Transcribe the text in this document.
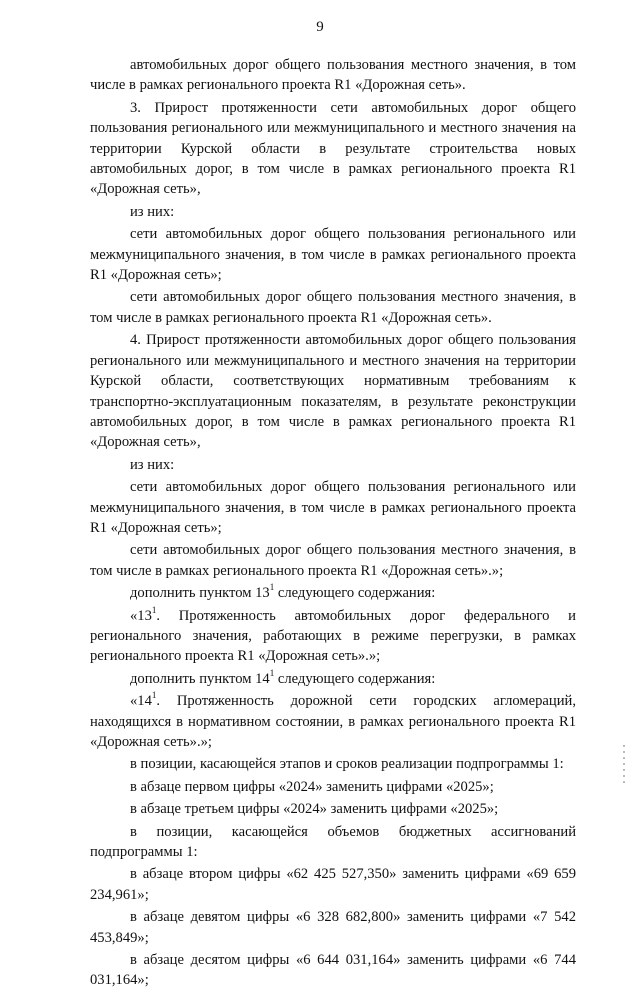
9

автомобильных дорог общего пользования местного значения, в том числе в рамках регионального проекта R1 «Дорожная сеть».

3. Прирост протяженности сети автомобильных дорог общего пользования регионального или межмуниципального и местного значения на территории Курской области в результате строительства новых автомобильных дорог, в том числе в рамках регионального проекта R1 «Дорожная сеть»,

из них:

сети автомобильных дорог общего пользования регионального или межмуниципального значения, в том числе в рамках регионального проекта R1 «Дорожная сеть»;

сети автомобильных дорог общего пользования местного значения, в том числе в рамках регионального проекта R1 «Дорожная сеть».

4. Прирост протяженности автомобильных дорог общего пользования регионального или межмуниципального и местного значения на территории Курской области, соответствующих нормативным требованиям к транспортно-эксплуатационным показателям, в результате реконструкции автомобильных дорог, в том числе в рамках регионального проекта R1 «Дорожная сеть»,

из них:

сети автомобильных дорог общего пользования регионального или межмуниципального значения, в том числе в рамках регионального проекта R1 «Дорожная сеть»;

сети автомобильных дорог общего пользования местного значения, в том числе в рамках регионального проекта R1 «Дорожная сеть».»;

дополнить пунктом $13^1$ следующего содержания:

«$13^1$. Протяженность автомобильных дорог федерального и регионального значения, работающих в режиме перегрузки, в рамках регионального проекта R1 «Дорожная сеть».»;

дополнить пунктом $14^1$ следующего содержания:

«$14^1$. Протяженность дорожной сети городских агломераций, находящихся в нормативном состоянии, в рамках регионального проекта R1 «Дорожная сеть».»;

в позиции, касающейся этапов и сроков реализации подпрограммы 1:

в абзаце первом цифры «2024» заменить цифрами «2025»;

в абзаце третьем цифры «2024» заменить цифрами «2025»;

в позиции, касающейся объемов бюджетных ассигнований подпрограммы 1:

в абзаце втором цифры «62 425 527,350» заменить цифрами «69 659 234,961»;

в абзаце девятом цифры «6 328 682,800» заменить цифрами «7 542 453,849»;

в абзаце десятом цифры «6 644 031,164» заменить цифрами «6 744 031,164»;
